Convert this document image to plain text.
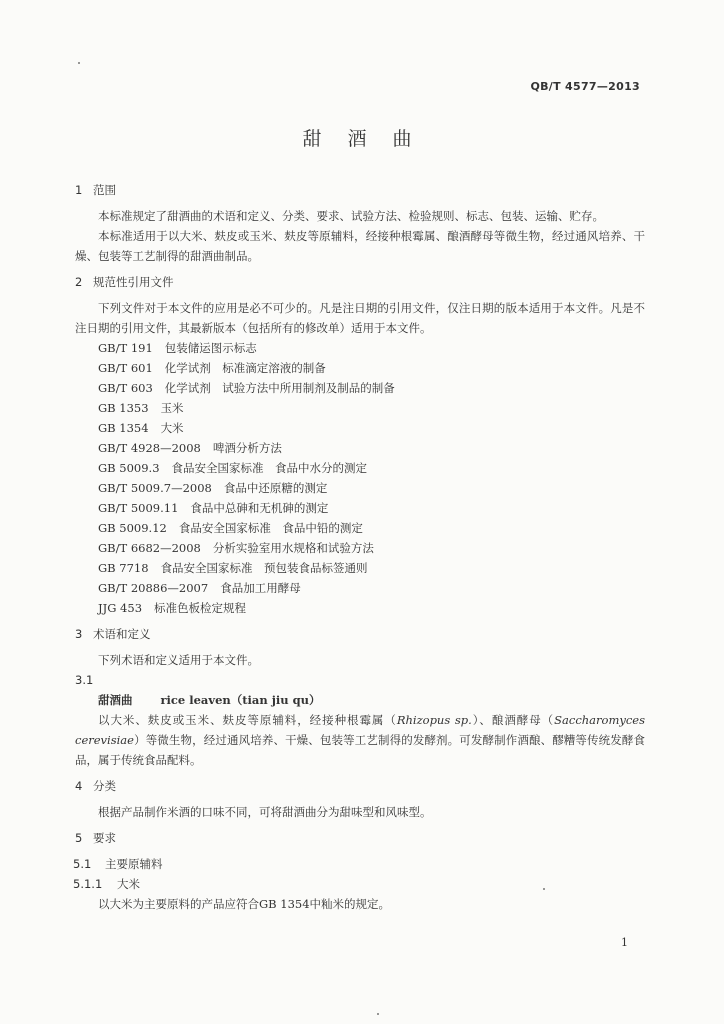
QB/T 4577—2013
甜 酒 曲
1 范围
本标准规定了甜酒曲的术语和定义、分类、要求、试验方法、检验规则、标志、包装、运输、贮存。
本标准适用于以大米、麸皮或玉米、麸皮等原辅料，经接种根霉属、酿酒酵母等微生物，经过通风培养、干燥、包装等工艺制得的甜酒曲制品。
2 规范性引用文件
下列文件对于本文件的应用是必不可少的。凡是注日期的引用文件，仅注日期的版本适用于本文件。凡是不注日期的引用文件，其最新版本（包括所有的修改单）适用于本文件。
GB/T 191 包装储运图示标志
GB/T 601 化学试剂　标准滴定溶液的制备
GB/T 603 化学试剂　试验方法中所用制剂及制品的制备
GB 1353 玉米
GB 1354 大米
GB/T 4928—2008 啤酒分析方法
GB 5009.3 食品安全国家标准　食品中水分的测定
GB/T 5009.7—2008 食品中还原糖的测定
GB/T 5009.11 食品中总砷和无机砷的测定
GB 5009.12 食品安全国家标准　食品中铅的测定
GB/T 6682—2008 分析实验室用水规格和试验方法
GB 7718 食品安全国家标准　预包装食品标签通则
GB/T 20886—2007 食品加工用酵母
JJG 453 标准色板检定规程
3 术语和定义
下列术语和定义适用于本文件。
3.1
甜酒曲 rice leaven（tian jiu qu）
以大米、麸皮或玉米、麸皮等原辅料，经接种根霉属（Rhizopus sp.）、酿酒酵母（Saccharomyces cerevisiae）等微生物，经过通风培养、干燥、包装等工艺制得的发酵剂。可发酵制作酒酿、醪糟等传统发酵食品，属于传统食品配料。
4 分类
根据产品制作米酒的口味不同，可将甜酒曲分为甜味型和风味型。
5 要求
5.1 主要原辅料
5.1.1 大米
以大米为主要原料的产品应符合GB 1354中籼米的规定。
1
